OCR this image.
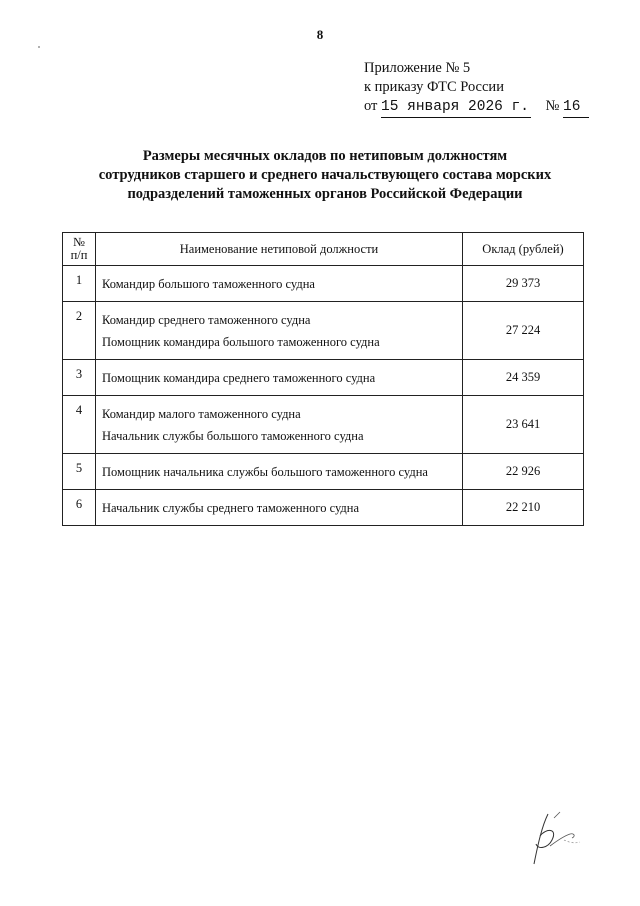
8
Приложение № 5
к приказу ФТС России
от 15 января 2026 г. № 16
Размеры месячных окладов по нетиповым должностям
сотрудников старшего и среднего начальствующего состава морских
подразделений таможенных органов Российской Федерации
№
п/п	Наименование нетиповой должности	Оклад (рублей)
1	Командир большого таможенного судна	29 373
2	Командир среднего таможенного судна
Помощник командира большого таможенного судна	27 224
3	Помощник командира среднего таможенного судна	24 359
4	Командир малого таможенного судна
Начальник службы большого таможенного судна	23 641
5	Помощник начальника службы большого таможенного судна	22 926
6	Начальник службы среднего таможенного судна	22 210
